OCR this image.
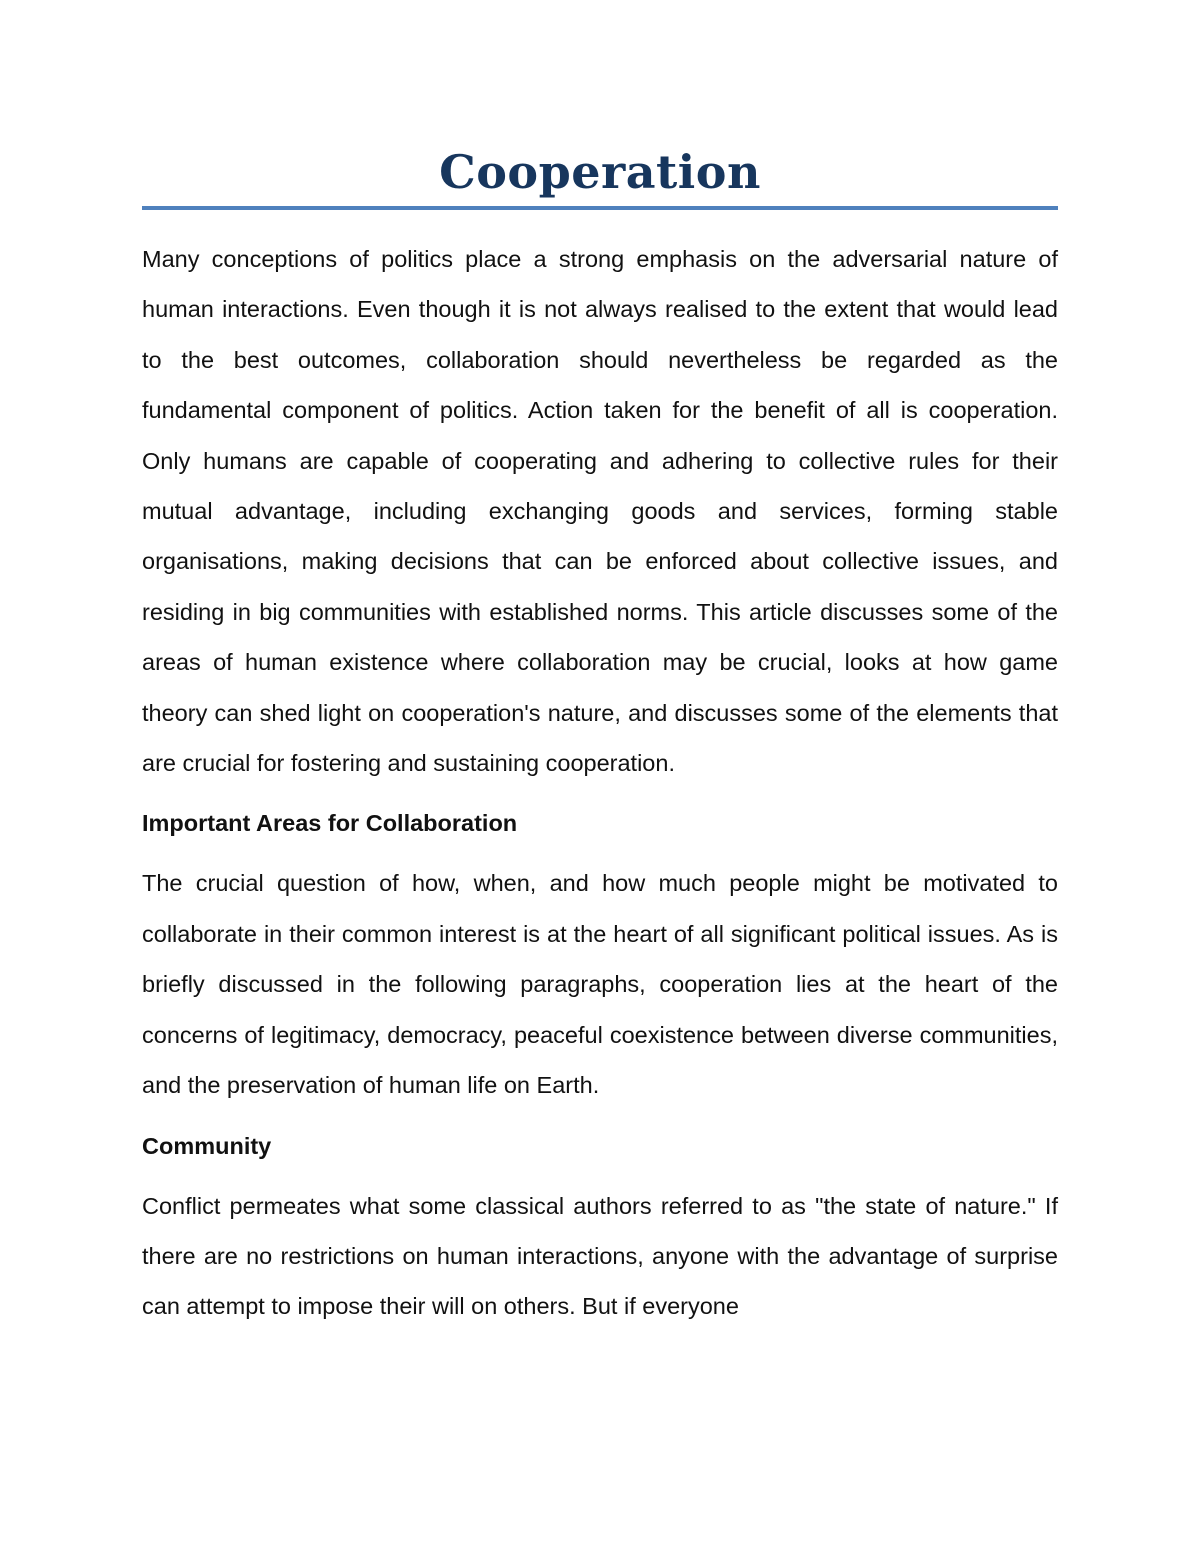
Cooperation

Many conceptions of politics place a strong emphasis on the adversarial nature of human interactions. Even though it is not always realised to the extent that would lead to the best outcomes, collaboration should nevertheless be regarded as the fundamental component of politics. Action taken for the benefit of all is cooperation. Only humans are capable of cooperating and adhering to collective rules for their mutual advantage, including exchanging goods and services, forming stable organisations, making decisions that can be enforced about collective issues, and residing in big communities with established norms. This article discusses some of the areas of human existence where collaboration may be crucial, looks at how game theory can shed light on cooperation's nature, and discusses some of the elements that are crucial for fostering and sustaining cooperation.

Important Areas for Collaboration

The crucial question of how, when, and how much people might be motivated to collaborate in their common interest is at the heart of all significant political issues. As is briefly discussed in the following paragraphs, cooperation lies at the heart of the concerns of legitimacy, democracy, peaceful coexistence between diverse communities, and the preservation of human life on Earth.

Community

Conflict permeates what some classical authors referred to as "the state of nature." If there are no restrictions on human interactions, anyone with the advantage of surprise can attempt to impose their will on others. But if everyone
